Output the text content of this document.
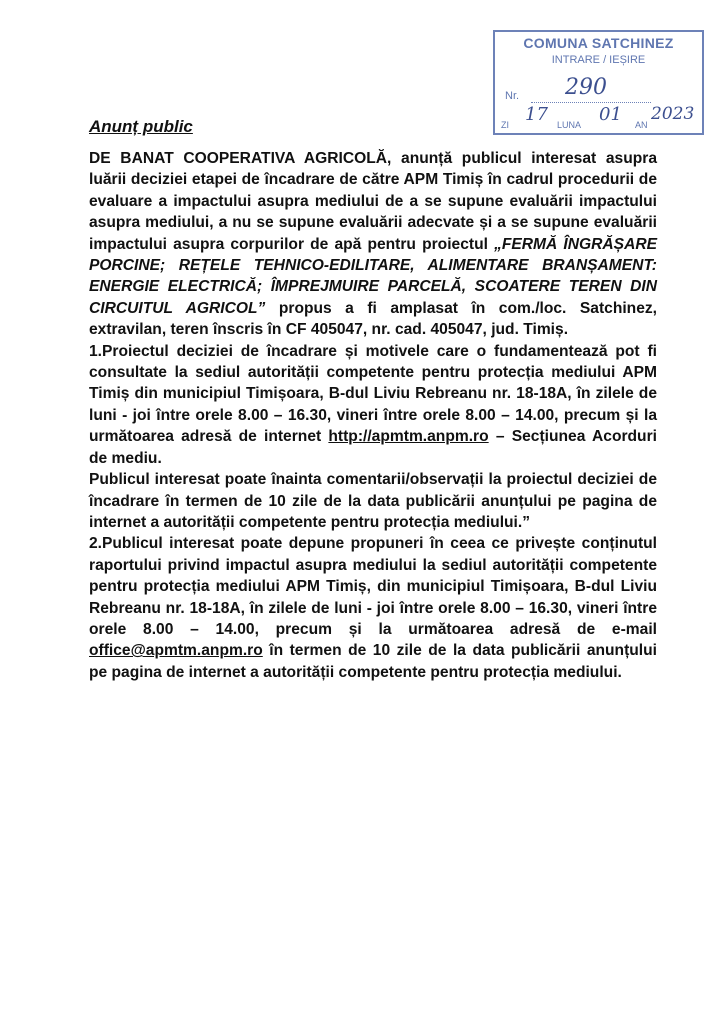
COMUNA SATCHINEZ
INTRARE / IEȘIRE
Nr. 290
ZI 17 LUNA 01 AN
2023
Anunț public

DE BANAT COOPERATIVA AGRICOLĂ, anunță publicul interesat asupra luării deciziei etapei de încadrare de către APM Timiș în cadrul procedurii de evaluare a impactului asupra mediului de a se supune evaluării impactului asupra mediului, a nu se supune evaluării adecvate și a se supune evaluării impactului asupra corpurilor de apă pentru proiectul „FERMĂ ÎNGRĂȘARE PORCINE; REȚELE TEHNICO-EDILITARE, ALIMENTARE BRANȘAMENT: ENERGIE ELECTRICĂ; ÎMPREJMUIRE PARCELĂ, SCOATERE TEREN DIN CIRCUITUL AGRICOL” propus a fi amplasat în com./loc. Satchinez, extravilan, teren înscris în CF 405047, nr. cad. 405047, jud. Timiș.

1.Proiectul deciziei de încadrare și motivele care o fundamentează pot fi consultate la sediul autorității competente pentru protecția mediului APM Timiș din municipiul Timișoara, B-dul Liviu Rebreanu nr. 18-18A, în zilele de luni - joi între orele 8.00 – 16.30, vineri între orele 8.00 – 14.00, precum și la următoarea adresă de internet http://apmtm.anpm.ro – Secțiunea Acorduri de mediu.

Publicul interesat poate înainta comentarii/observații la proiectul deciziei de încadrare în termen de 10 zile de la data publicării anunțului pe pagina de internet a autorității competente pentru protecția mediului.”

2.Publicul interesat poate depune propuneri în ceea ce privește conținutul raportului privind impactul asupra mediului la sediul autorității competente pentru protecția mediului APM Timiș, din municipiul Timișoara, B-dul Liviu Rebreanu nr. 18-18A, în zilele de luni - joi între orele 8.00 – 16.30, vineri între orele 8.00 – 14.00, precum și la următoarea adresă de e-mail office@apmtm.anpm.ro în termen de 10 zile de la data publicării anunțului pe pagina de internet a autorității competente pentru protecția mediului.
